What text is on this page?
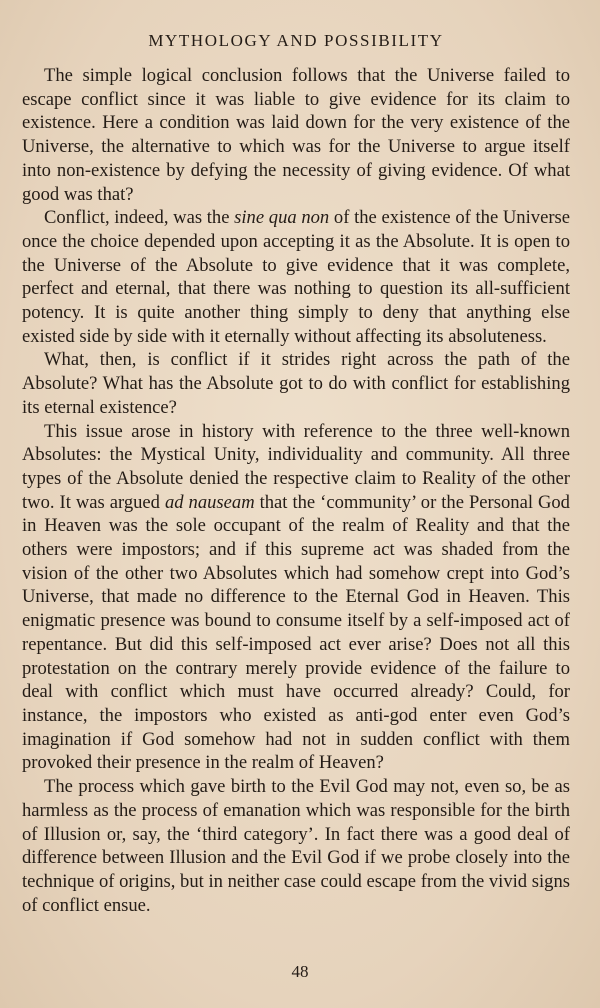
MYTHOLOGY AND POSSIBILITY

The simple logical conclusion follows that the Universe failed to escape conflict since it was liable to give evidence for its claim to existence. Here a condition was laid down for the very existence of the Universe, the alternative to which was for the Universe to argue itself into non-existence by defying the necessity of giving evidence. Of what good was that?

Conflict, indeed, was the sine qua non of the existence of the Universe once the choice depended upon accepting it as the Absolute. It is open to the Universe of the Absolute to give evidence that it was complete, perfect and eternal, that there was nothing to question its all-sufficient potency. It is quite another thing simply to deny that anything else existed side by side with it eternally without affecting its absoluteness.

What, then, is conflict if it strides right across the path of the Absolute? What has the Absolute got to do with conflict for establishing its eternal existence?

This issue arose in history with reference to the three well-known Absolutes: the Mystical Unity, individuality and community. All three types of the Absolute denied the respective claim to Reality of the other two. It was argued ad nauseam that the ‘community’ or the Personal God in Heaven was the sole occupant of the realm of Reality and that the others were impostors; and if this supreme act was shaded from the vision of the other two Absolutes which had somehow crept into God’s Universe, that made no difference to the Eternal God in Heaven. This enigmatic presence was bound to consume itself by a self-imposed act of repentance. But did this self-imposed act ever arise? Does not all this protestation on the contrary merely provide evidence of the failure to deal with conflict which must have occurred already? Could, for instance, the impostors who existed as anti-god enter even God’s imagination if God somehow had not in sudden conflict with them provoked their presence in the realm of Heaven?

The process which gave birth to the Evil God may not, even so, be as harmless as the process of emanation which was responsible for the birth of Illusion or, say, the ‘third category’. In fact there was a good deal of difference between Illusion and the Evil God if we probe closely into the technique of origins, but in neither case could escape from the vivid signs of conflict ensue.

48
